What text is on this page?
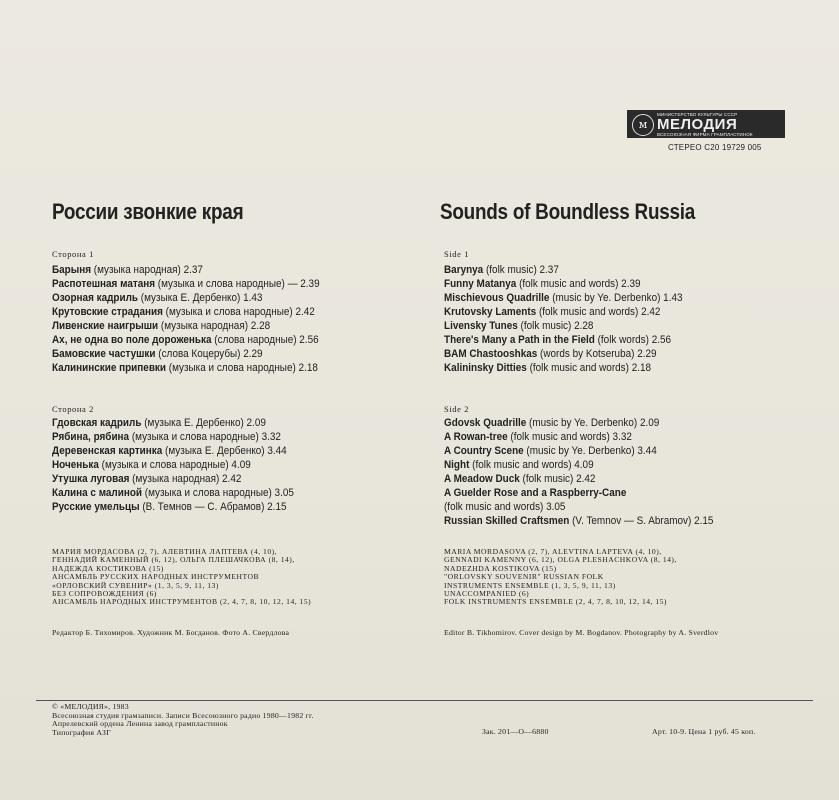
м
МИНИСТЕРСТВО КУЛЬТУРЫ СССР
МЕЛОДИЯ
ВСЕСОЮЗНАЯ ФИРМА ГРАМПЛАСТИНОК
СТЕРЕО С20 19729 005
России звонкие края	Sounds of Boundless Russia
Сторона 1
Барыня (музыка народная) 2.37
Распотешная матаня (музыка и слова народные) — 2.39
Озорная кадриль (музыка Е. Дербенко) 1.43
Крутовские страдания (музыка и слова народные) 2.42
Ливенские наигрыши (музыка народная) 2.28
Ах, не одна во поле дороженька (слова народные) 2.56
Бамовские частушки (слова Коцерубы) 2.29
Калининские припевки (музыка и слова народные) 2.18
Сторона 2
Гдовская кадриль (музыка Е. Дербенко) 2.09
Рябина, рябина (музыка и слова народные) 3.32
Деревенская картинка (музыка Е. Дербенко) 3.44
Ноченька (музыка и слова народные) 4.09
Утушка луговая (музыка народная) 2.42
Калина с малиной (музыка и слова народные) 3.05
Русские умельцы (В. Темнов — С. Абрамов) 2.15
МАРИЯ МОРДАСОВА (2, 7), АЛЕВТИНА ЛАПТЕВА (4, 10),
ГЕННАДИЙ КАМЕННЫЙ (6, 12), ОЛЬГА ПЛЕШАЧКОВА (8, 14),
НАДЕЖДА КОСТИКОВА (15)
АНСАМБЛЬ РУССКИХ НАРОДНЫХ ИНСТРУМЕНТОВ
«ОРЛОВСКИЙ СУВЕНИР» (1, 3, 5, 9, 11, 13)
БЕЗ СОПРОВОЖДЕНИЯ (6)
АНСАМБЛЬ НАРОДНЫХ ИНСТРУМЕНТОВ (2, 4, 7, 8, 10, 12, 14, 15)
Редактор Б. Тихомиров. Художник М. Богданов. Фото А. Свердлова
Side 1
Barynya (folk music) 2.37
Funny Matanya (folk music and words) 2.39
Mischievous Quadrille (music by Ye. Derbenko) 1.43
Krutovsky Laments (folk music and words) 2.42
Livensky Tunes (folk music) 2.28
There's Many a Path in the Field (folk words) 2.56
BAM Chastooshkas (words by Kotseruba) 2.29
Kalininsky Ditties (folk music and words) 2.18
Side 2
Gdovsk Quadrille (music by Ye. Derbenko) 2.09
A Rowan-tree (folk music and words) 3.32
A Country Scene (music by Ye. Derbenko) 3.44
Night (folk music and words) 4.09
A Meadow Duck (folk music) 2.42
A Guelder Rose and a Raspberry-Cane
(folk music and words) 3.05
Russian Skilled Craftsmen (V. Temnov — S. Abramov) 2.15
MARIA MORDASOVA (2, 7), ALEVTINA LAPTEVA (4, 10),
GENNADI KAMENNY (6, 12), OLGA PLESHACHKOVA (8, 14),
NADEZHDA KOSTIKOVA (15)
"ORLOVSKY SOUVENIR" RUSSIAN FOLK
INSTRUMENTS ENSEMBLE (1, 3, 5, 9, 11, 13)
UNACCOMPANIED (6)
FOLK INSTRUMENTS ENSEMBLE (2, 4, 7, 8, 10, 12, 14, 15)
Editor B. Tikhomirov. Cover design by M. Bogdanov. Photography by A. Sverdlov
© «МЕЛОДИЯ», 1983
Всесоюзная студия грамзаписи. Записи Всесоюзного радио 1980—1982 гг.
Апрелевский ордена Ленина завод грампластинок
Типография АЗГ	Зак. 201—О—6880	Арт. 10-9. Цена 1 руб. 45 коп.
